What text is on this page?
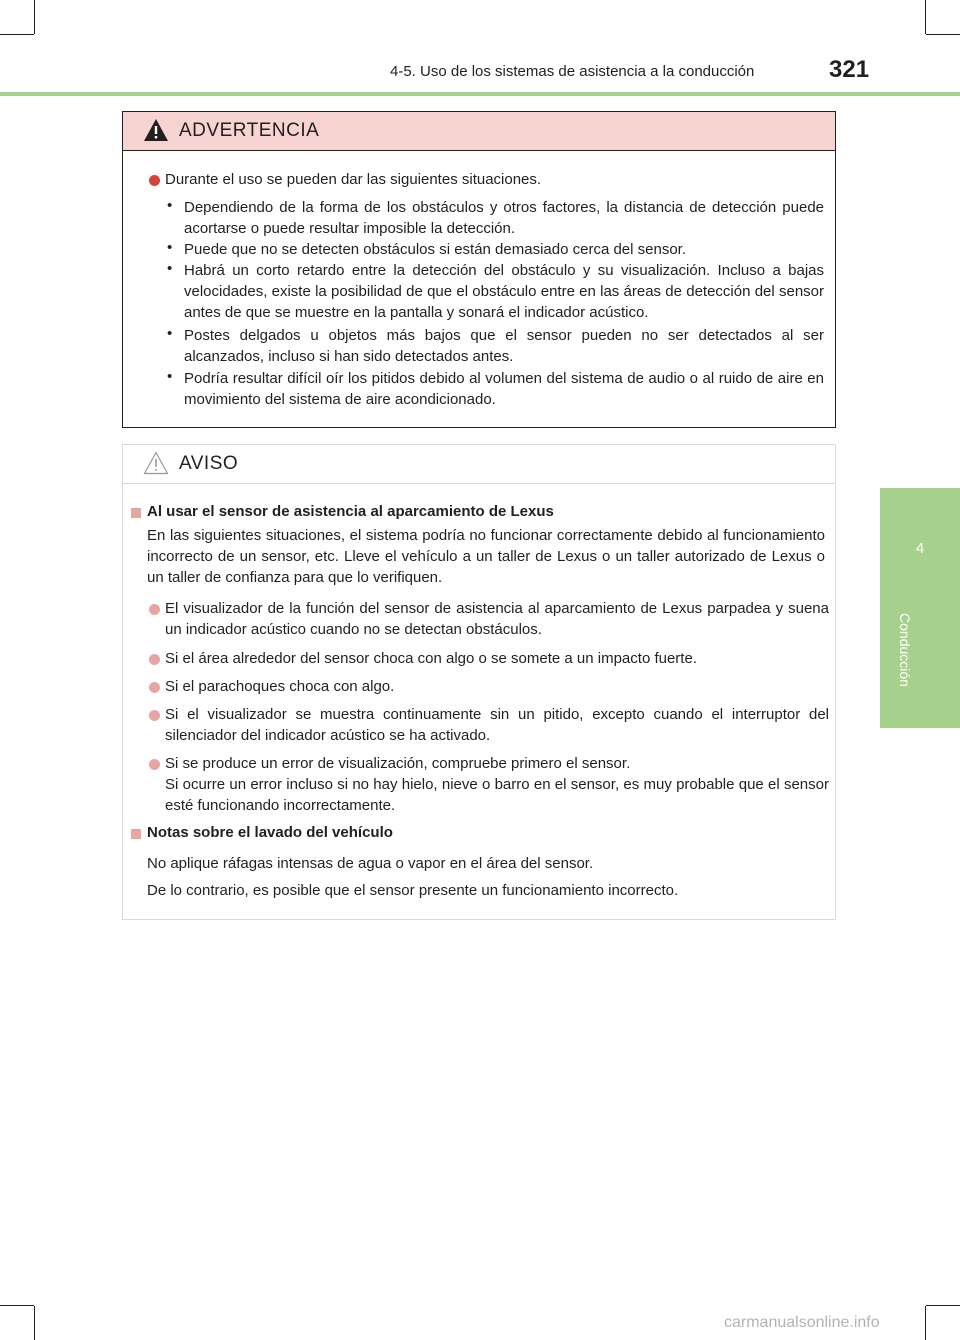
4-5. Uso de los sistemas de asistencia a la conducción	321
4
Conducción
ADVERTENCIA
Durante el uso se pueden dar las siguientes situaciones.
• Dependiendo de la forma de los obstáculos y otros factores, la distancia de detección puede acortarse o puede resultar imposible la detección.
• Puede que no se detecten obstáculos si están demasiado cerca del sensor.
• Habrá un corto retardo entre la detección del obstáculo y su visualización. Incluso a bajas velocidades, existe la posibilidad de que el obstáculo entre en las áreas de detección del sensor antes de que se muestre en la pantalla y sonará el indicador acústico.
• Postes delgados u objetos más bajos que el sensor pueden no ser detectados al ser alcanzados, incluso si han sido detectados antes.
• Podría resultar difícil oír los pitidos debido al volumen del sistema de audio o al ruido de aire en movimiento del sistema de aire acondicionado.
AVISO
Al usar el sensor de asistencia al aparcamiento de Lexus
En las siguientes situaciones, el sistema podría no funcionar correctamente debido al funcionamiento incorrecto de un sensor, etc. Lleve el vehículo a un taller de Lexus o un taller autorizado de Lexus o un taller de confianza para que lo verifiquen.
El visualizador de la función del sensor de asistencia al aparcamiento de Lexus parpadea y suena un indicador acústico cuando no se detectan obstáculos.
Si el área alrededor del sensor choca con algo o se somete a un impacto fuerte.
Si el parachoques choca con algo.
Si el visualizador se muestra continuamente sin un pitido, excepto cuando el interruptor del silenciador del indicador acústico se ha activado.
Si se produce un error de visualización, compruebe primero el sensor.
Si ocurre un error incluso si no hay hielo, nieve o barro en el sensor, es muy probable que el sensor esté funcionando incorrectamente.
Notas sobre el lavado del vehículo
No aplique ráfagas intensas de agua o vapor en el área del sensor.
De lo contrario, es posible que el sensor presente un funcionamiento incorrecto.
carmanualsonline.info
